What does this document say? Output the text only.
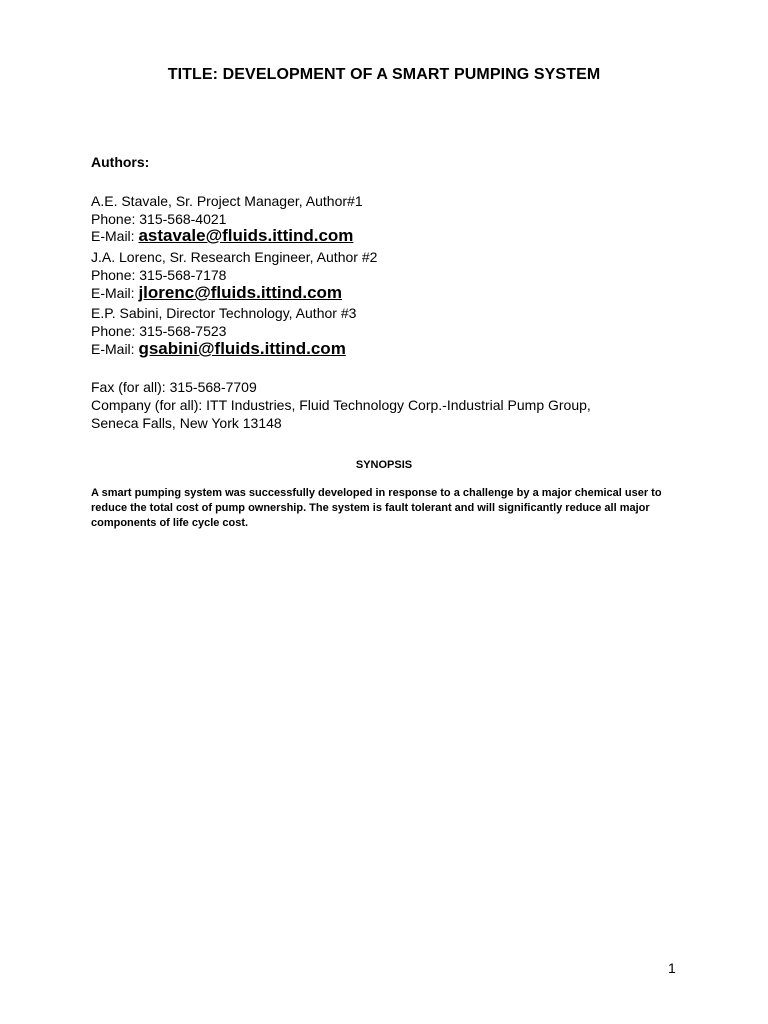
TITLE: DEVELOPMENT OF A SMART PUMPING SYSTEM

Authors:

A.E. Stavale, Sr. Project Manager, Author#1

Phone: 315-568-4021

E-Mail: astavale@fluids.ittind.com

J.A. Lorenc, Sr. Research Engineer, Author #2

Phone: 315-568-7178

E-Mail: jlorenc@fluids.ittind.com

E.P. Sabini, Director Technology, Author #3

Phone: 315-568-7523

E-Mail: gsabini@fluids.ittind.com

Fax (for all): 315-568-7709

Company (for all): ITT Industries, Fluid Technology Corp.-Industrial Pump Group,

Seneca Falls, New York 13148

SYNOPSIS

A smart pumping system was successfully developed in response to a challenge by a major chemical user to reduce the total cost of pump ownership. The system is fault tolerant and will significantly reduce all major components of life cycle cost.

1
